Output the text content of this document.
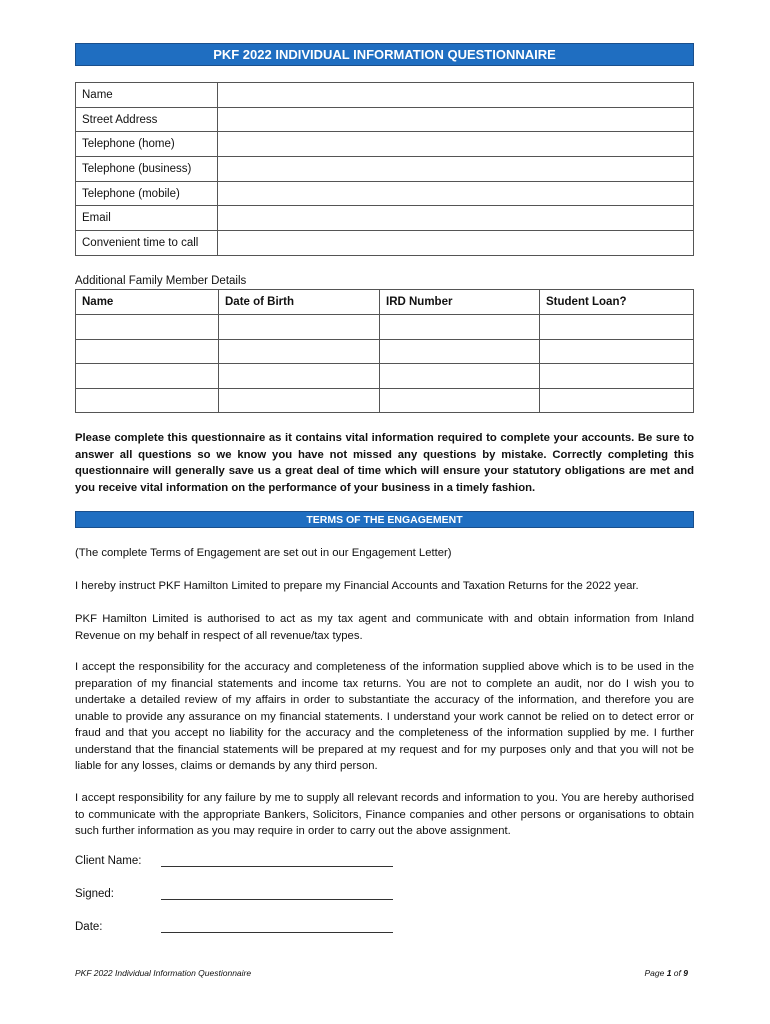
PKF 2022 INDIVIDUAL INFORMATION QUESTIONNAIRE
Name	
Street Address	
Telephone (home)	
Telephone (business)	
Telephone (mobile)	
Email	
Convenient time to call	
Additional Family Member Details
Name	Date of Birth	IRD Number	Student Loan?

Please complete this questionnaire as it contains vital information required to complete your accounts. Be sure to answer all questions so we know you have not missed any questions by mistake. Correctly completing this questionnaire will generally save us a great deal of time which will ensure your statutory obligations are met and you receive vital information on the performance of your business in a timely fashion.
TERMS OF THE ENGAGEMENT
(The complete Terms of Engagement are set out in our Engagement Letter)
I hereby instruct PKF Hamilton Limited to prepare my Financial Accounts and Taxation Returns for the 2022 year.
PKF Hamilton Limited is authorised to act as my tax agent and communicate with and obtain information from Inland Revenue on my behalf in respect of all revenue/tax types.
I accept the responsibility for the accuracy and completeness of the information supplied above which is to be used in the preparation of my financial statements and income tax returns. You are not to complete an audit, nor do I wish you to undertake a detailed review of my affairs in order to substantiate the accuracy of the information, and therefore you are unable to provide any assurance on my financial statements. I understand your work cannot be relied on to detect error or fraud and that you accept no liability for the accuracy and the completeness of the information supplied by me. I further understand that the financial statements will be prepared at my request and for my purposes only and that you will not be liable for any losses, claims or demands by any third person.
I accept responsibility for any failure by me to supply all relevant records and information to you. You are hereby authorised to communicate with the appropriate Bankers, Solicitors, Finance companies and other persons or organisations to obtain such further information as you may require in order to carry out the above assignment.
Client Name:
Signed:
Date:
PKF 2022 Individual Information Questionnaire	Page 1 of 9
